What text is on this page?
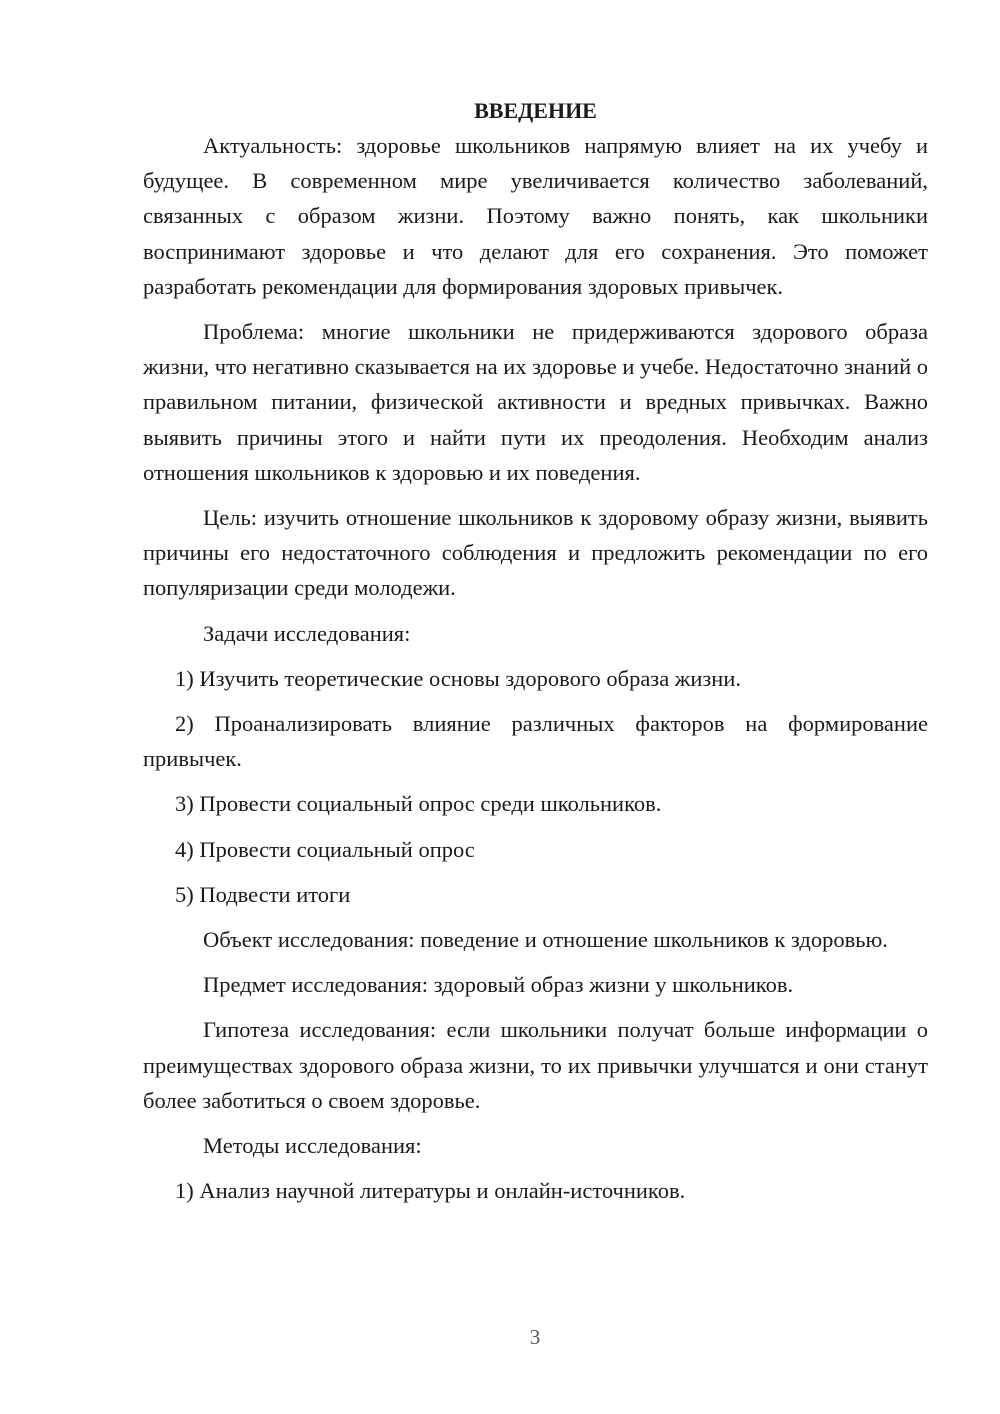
ВВЕДЕНИЕ

Актуальность: здоровье школьников напрямую влияет на их учебу и будущее. В современном мире увеличивается количество заболеваний, связанных с образом жизни. Поэтому важно понять, как школьники воспринимают здоровье и что делают для его сохранения. Это поможет разработать рекомендации для формирования здоровых привычек.

Проблема: многие школьники не придерживаются здорового образа жизни, что негативно сказывается на их здоровье и учебе. Недостаточно знаний о правильном питании, физической активности и вредных привычках. Важно выявить причины этого и найти пути их преодоления. Необходим анализ отношения школьников к здоровью и их поведения.

Цель: изучить отношение школьников к здоровому образу жизни, выявить причины его недостаточного соблюдения и предложить рекомендации по его популяризации среди молодежи.

Задачи исследования:

1) Изучить теоретические основы здорового образа жизни.

2) Проанализировать влияние различных факторов на формирование привычек.

3) Провести социальный опрос среди школьников.

4) Провести социальный опрос

5) Подвести итоги

Объект исследования: поведение и отношение школьников к здоровью.

Предмет исследования: здоровый образ жизни у школьников.

Гипотеза исследования: если школьники получат больше информации о преимуществах здорового образа жизни, то их привычки улучшатся и они станут более заботиться о своем здоровье.

Методы исследования:

1) Анализ научной литературы и онлайн-источников.

3
